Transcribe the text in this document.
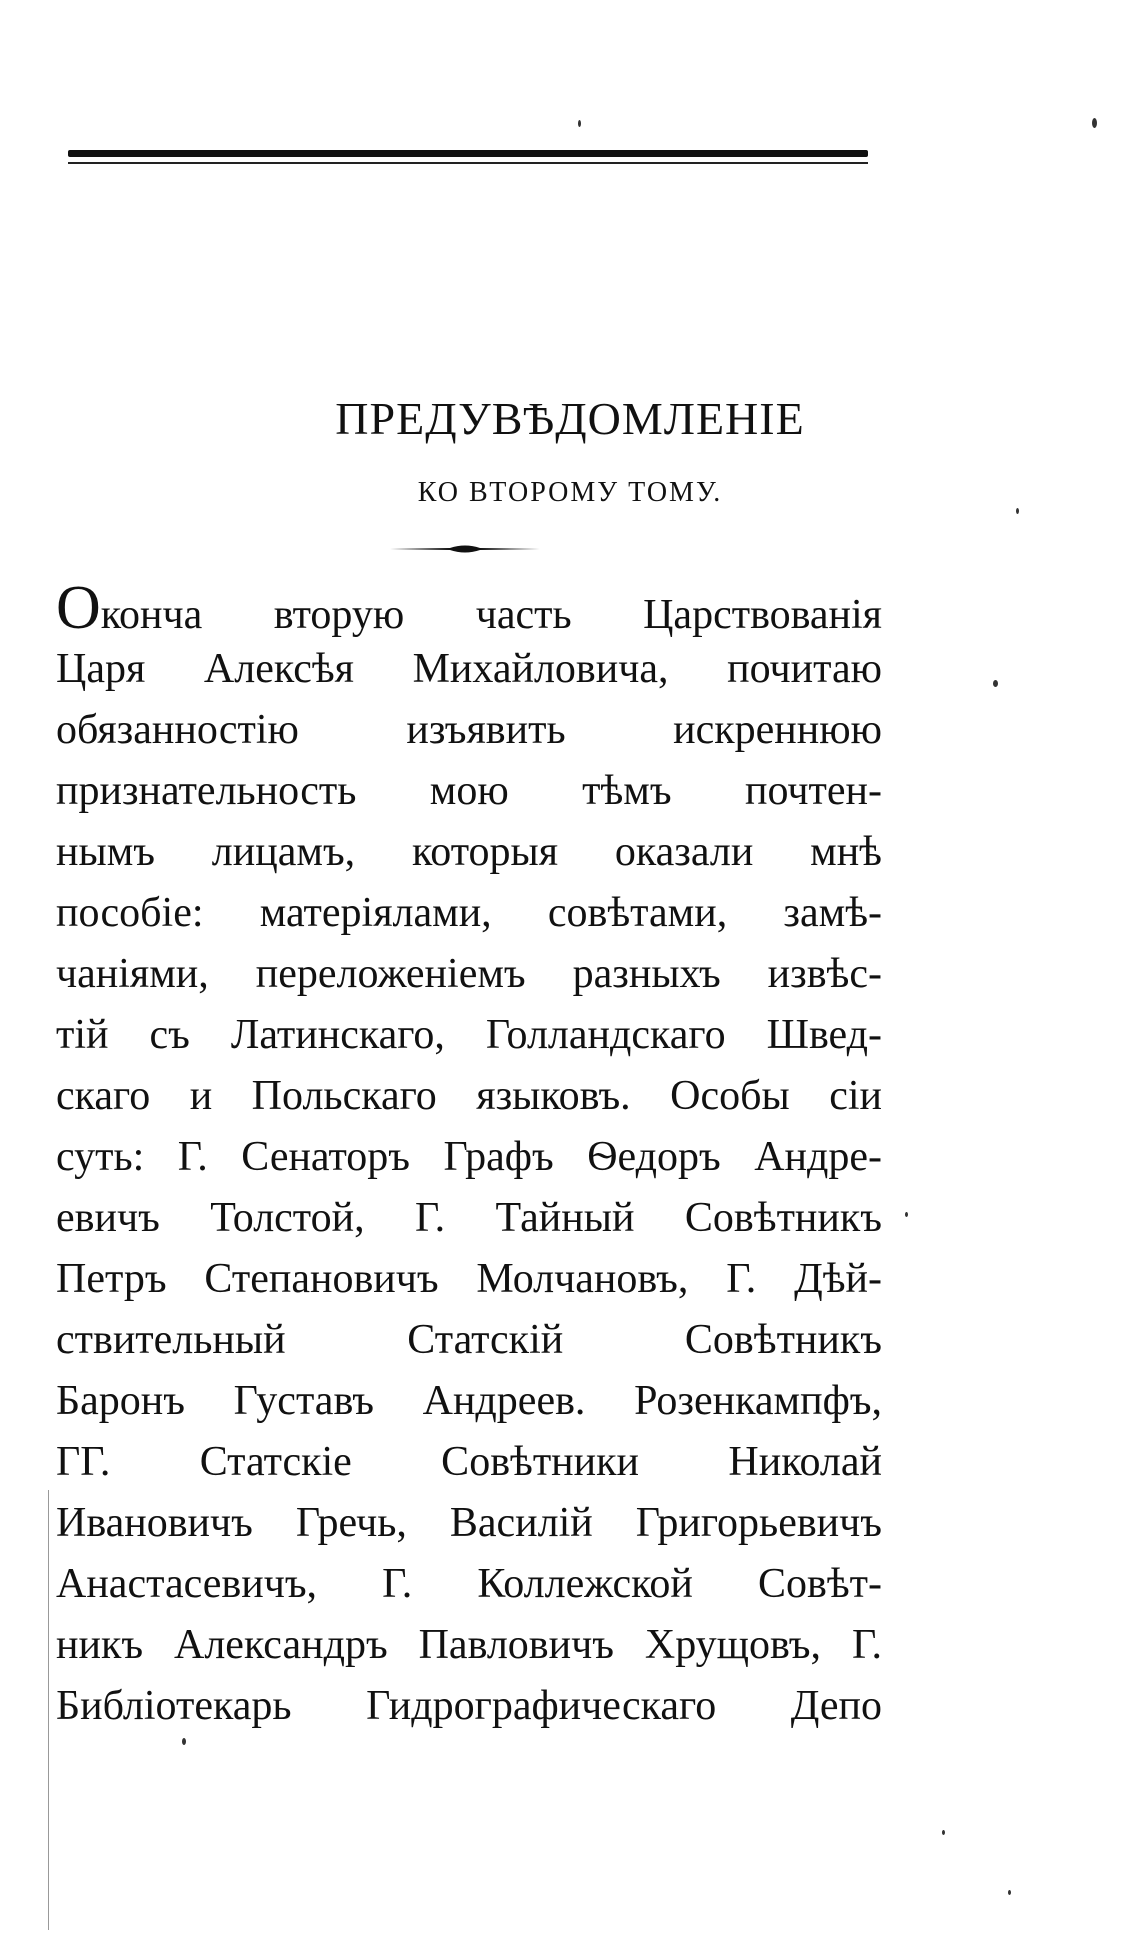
ПРЕДУВѢДОМЛЕНІЕ
КО ВТОРОМУ ТОМУ.
Оконча вторую часть Царствованія
Царя Алексѣя Михайловича, почитаю
обязанностію изъявить искреннюю
признательность мою тѣмъ почтен-
нымъ лицамъ, которыя оказали мнѣ
пособіе: матеріялами, совѣтами, замѣ-
чаніями, переложеніемъ разныхъ извѣс-
тій съ Латинскаго, Голландскаго Швед-
скаго и Польскаго языковъ. Особы сіи
суть: Г. Сенаторъ Графъ Ѳедоръ Андре-
евичъ Толстой, Г. Тайный Совѣтникъ
Петръ Степановичъ Молчановъ, Г. Дѣй-
ствительный Статскій Совѣтникъ
Баронъ Густавъ Андреев. Розенкампфъ,
ГГ. Статскіе Совѣтники Николай
Ивановичъ Гречь, Василій Григорьевичъ
Анастасевичъ, Г. Коллежской Совѣт-
никъ Александръ Павловичъ Хрущовъ, Г.
Библіотекарь Гидрографическаго Депо
